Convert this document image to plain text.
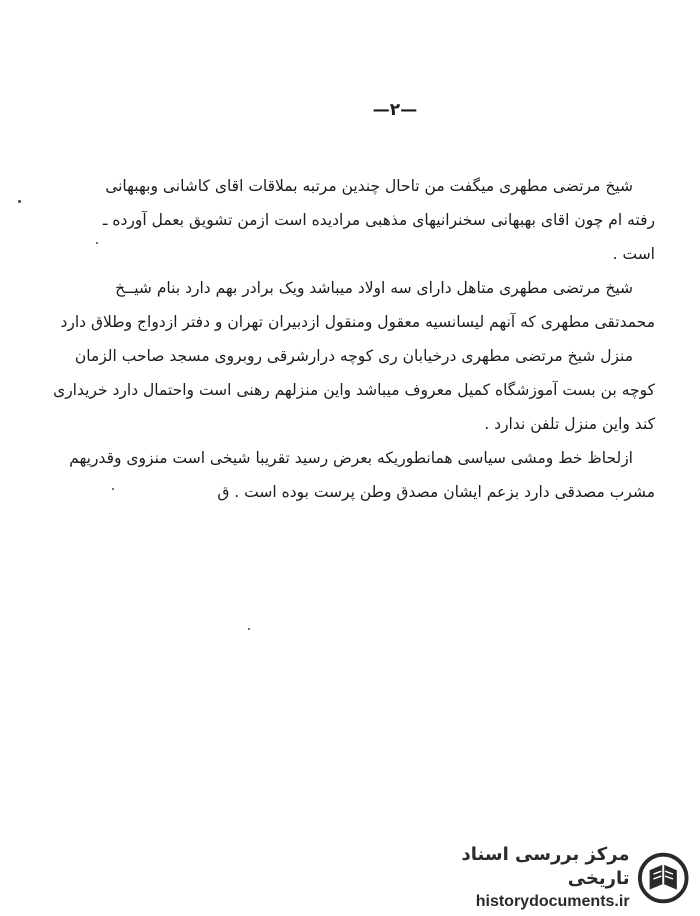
—٢—

شیخ مرتضی مطهری میگفت من تاحال چندین مرتبه بملاقات اقای کاشانی وبهبهانی
رفته ام چون اقای بهبهانی سخنرانیهای مذهبی مرادیده است ازمن تشویق بعمل آورده ـ
است .

شیخ مرتضی مطهری متاهل دارای سه اولاد میباشد ویک برادر بهم دارد بنام شیــخ
محمدتقی مطهری که آنهم لیسانسیه معقول ومنقول ازدبیران تهران و دفتر ازدواج وطلاق دارد
منزل شیخ مرتضی مطهری درخیابان ری کوچه درارشرقی روبروی مسجد صاحب الزمان
کوچه بن بست آموزشگاه کمیل معروف میباشد واین منزلهم رهنی است واحتمال دارد خریداری
کند واین منزل تلفن ندارد .

ازلحاظ خط ومشی سیاسی همانطوریکه بعرض رسید تقریبا شیخی است منزوی وقدریهم
مشرب مصدقی دارد بزعم ایشان مصدق وطن پرست بوده است . ق

مرکز بررسی اسناد تاریخی
historydocuments.ir
